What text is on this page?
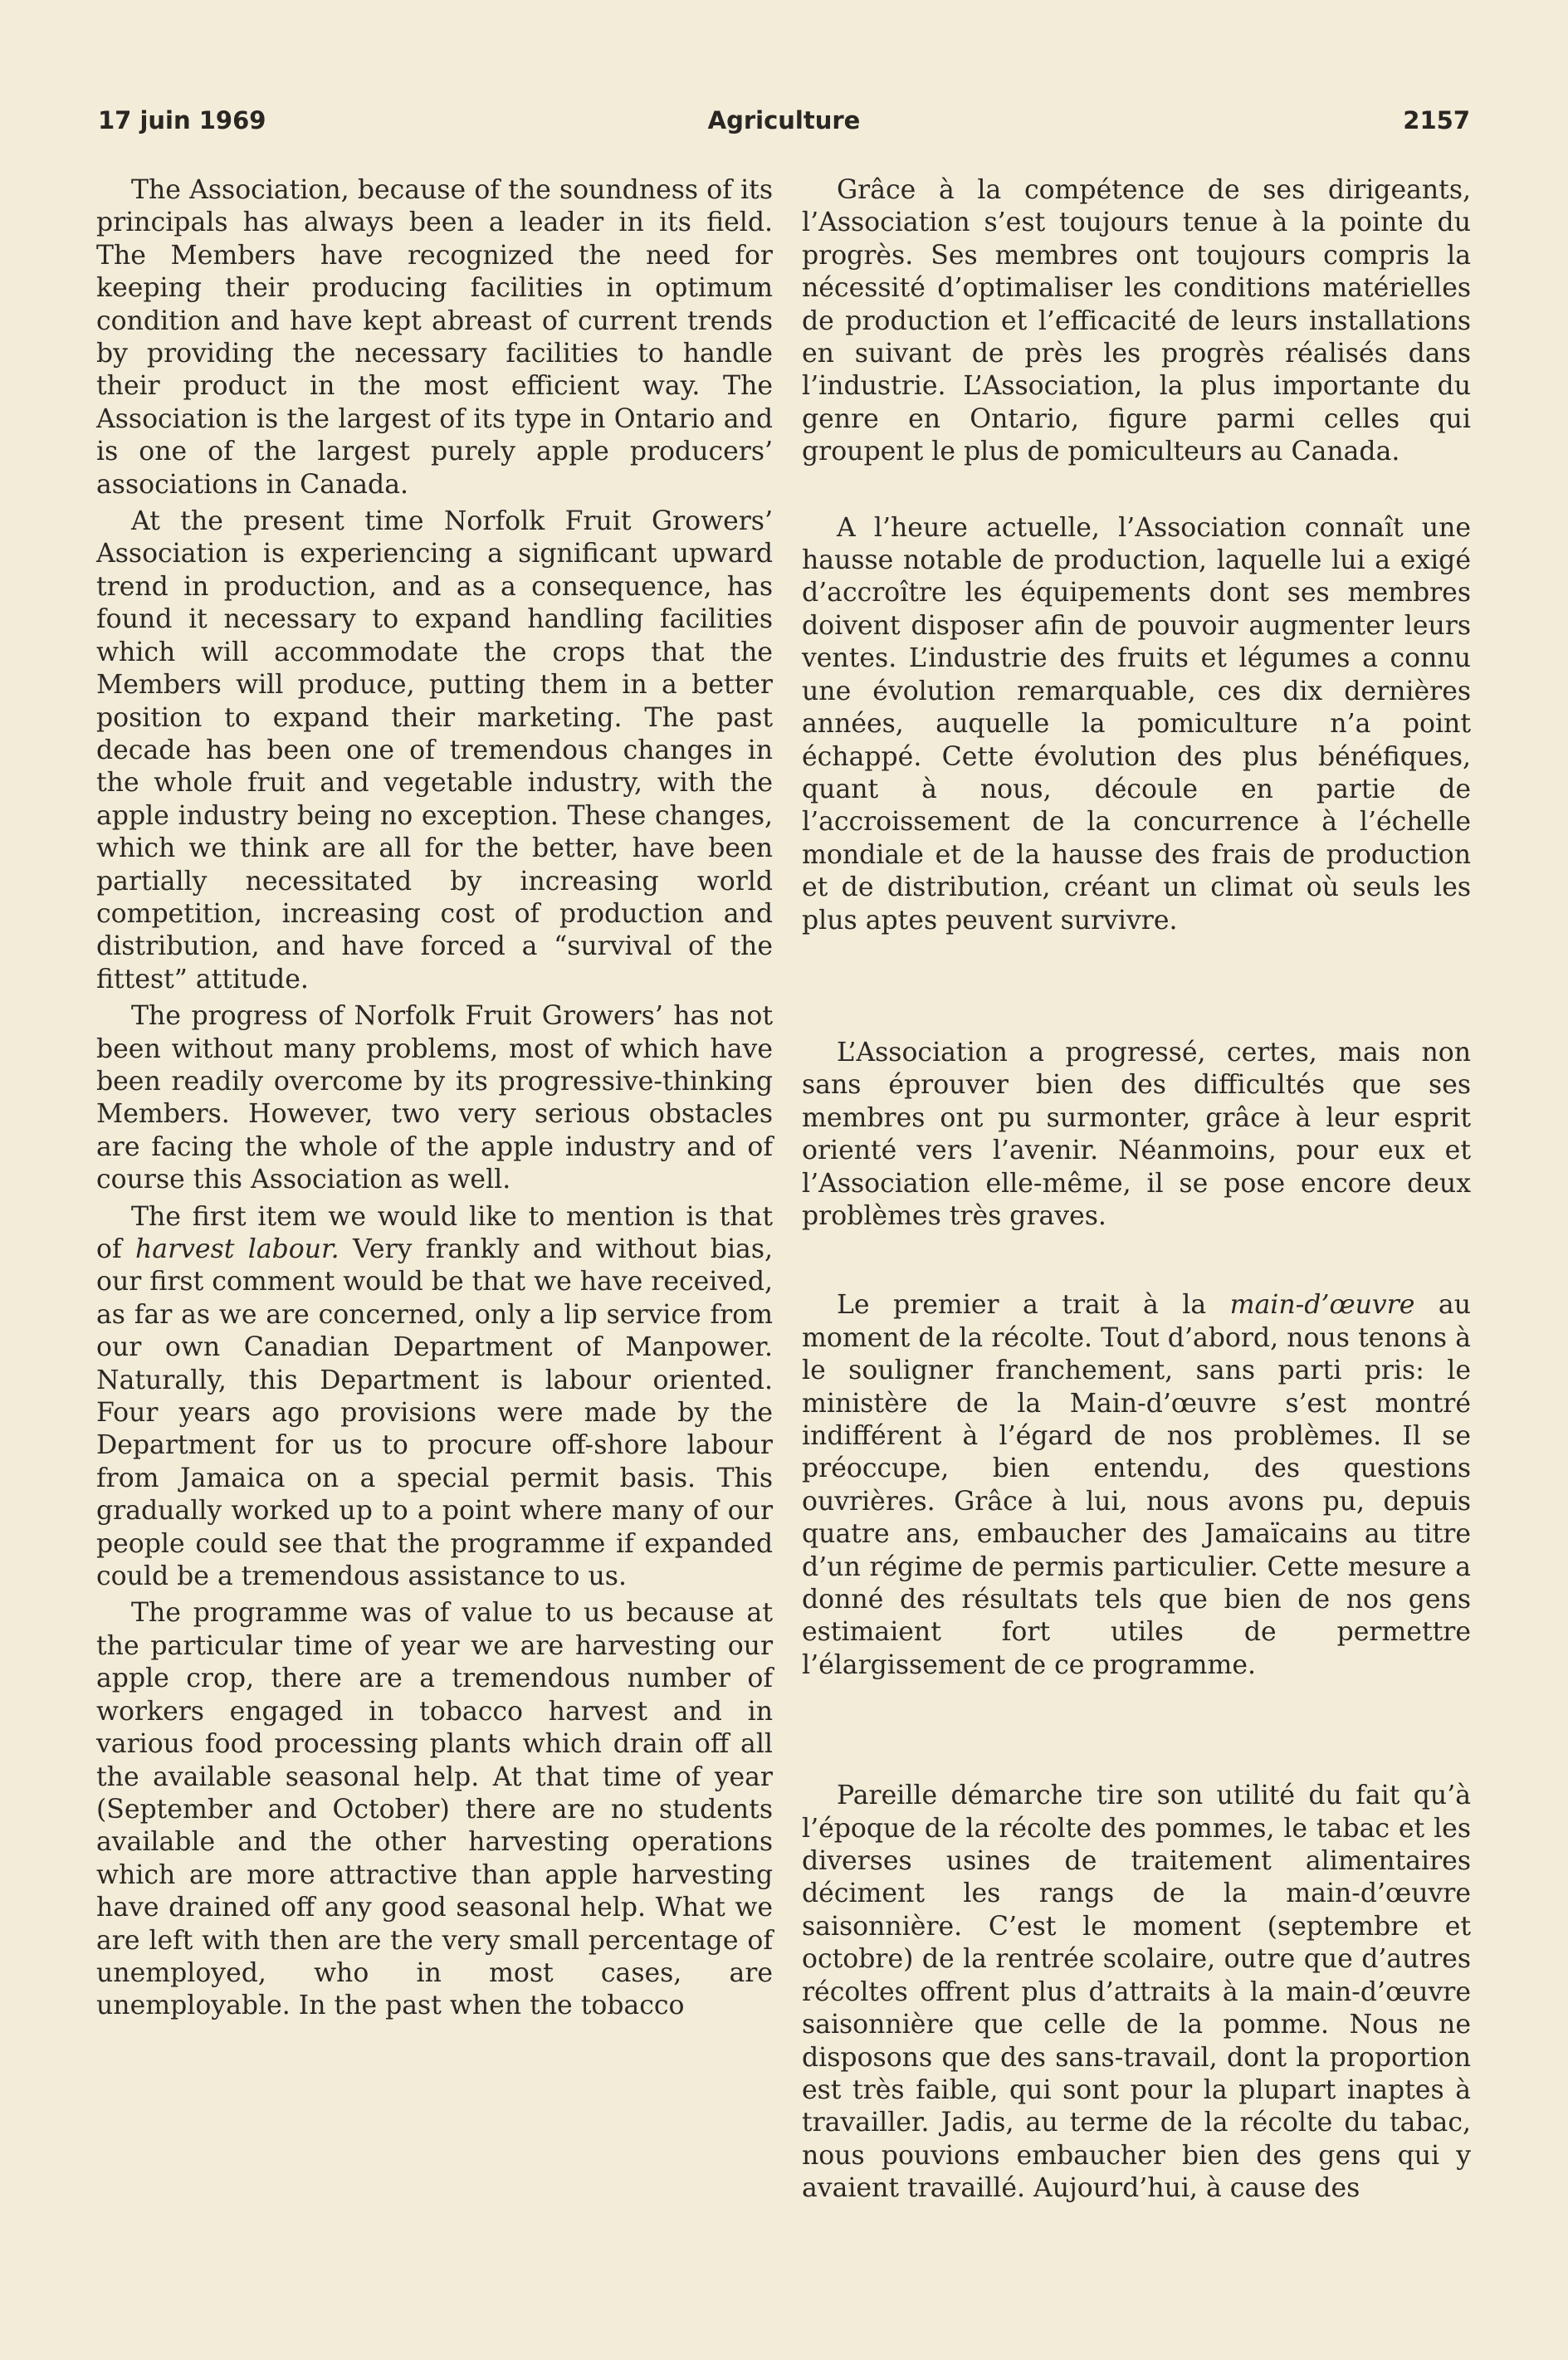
17 juin 1969	Agriculture	2157

The Association, because of the soundness of its principals has always been a leader in its field. The Members have recognized the need for keeping their producing facilities in optimum condition and have kept abreast of current trends by providing the necessary facilities to handle their product in the most efficient way. The Association is the largest of its type in Ontario and is one of the largest purely apple producers’ associations in Canada.

At the present time Norfolk Fruit Growers’ Association is experiencing a significant upward trend in production, and as a consequence, has found it necessary to expand handling facilities which will accommodate the crops that the Members will produce, putting them in a better position to expand their marketing. The past decade has been one of tremendous changes in the whole fruit and vegetable industry, with the apple industry being no exception. These changes, which we think are all for the better, have been partially necessitated by increasing world competition, increasing cost of production and distribution, and have forced a “survival of the fittest” attitude.

The progress of Norfolk Fruit Growers’ has not been without many problems, most of which have been readily overcome by its progressive-thinking Members. However, two very serious obstacles are facing the whole of the apple industry and of course this Association as well.

The first item we would like to mention is that of harvest labour. Very frankly and without bias, our first comment would be that we have received, as far as we are concerned, only a lip service from our own Canadian Department of Manpower. Naturally, this Department is labour oriented. Four years ago provisions were made by the Department for us to procure off-shore labour from Jamaica on a special permit basis. This gradually worked up to a point where many of our people could see that the programme if expanded could be a tremendous assistance to us.

The programme was of value to us because at the particular time of year we are harvesting our apple crop, there are a tremendous number of workers engaged in tobacco harvest and in various food processing plants which drain off all the available seasonal help. At that time of year (September and October) there are no students available and the other harvesting operations which are more attractive than apple harvesting have drained off any good seasonal help. What we are left with then are the very small percentage of unemployed, who in most cases, are unemployable. In the past when the tobacco

Grâce à la compétence de ses dirigeants, l’Association s’est toujours tenue à la pointe du progrès. Ses membres ont toujours compris la nécessité d’optimaliser les conditions matérielles de production et l’efficacité de leurs installations en suivant de près les progrès réalisés dans l’industrie. L’Association, la plus importante du genre en Ontario, figure parmi celles qui groupent le plus de pomiculteurs au Canada.

A l’heure actuelle, l’Association connaît une hausse notable de production, laquelle lui a exigé d’accroître les équipements dont ses membres doivent disposer afin de pouvoir augmenter leurs ventes. L’industrie des fruits et légumes a connu une évolution remarquable, ces dix dernières années, auquelle la pomiculture n’a point échappé. Cette évolution des plus bénéfiques, quant à nous, découle en partie de l’accroissement de la concurrence à l’échelle mondiale et de la hausse des frais de production et de distribution, créant un climat où seuls les plus aptes peuvent survivre.

L’Association a progressé, certes, mais non sans éprouver bien des difficultés que ses membres ont pu surmonter, grâce à leur esprit orienté vers l’avenir. Néanmoins, pour eux et l’Association elle-même, il se pose encore deux problèmes très graves.

Le premier a trait à la main-d’œuvre au moment de la récolte. Tout d’abord, nous tenons à le souligner franchement, sans parti pris: le ministère de la Main-d’œuvre s’est montré indifférent à l’égard de nos problèmes. Il se préoccupe, bien entendu, des questions ouvrières. Grâce à lui, nous avons pu, depuis quatre ans, embaucher des Jamaïcains au titre d’un régime de permis particulier. Cette mesure a donné des résultats tels que bien de nos gens estimaient fort utiles de permettre l’élargissement de ce programme.

Pareille démarche tire son utilité du fait qu’à l’époque de la récolte des pommes, le tabac et les diverses usines de traitement alimentaires déciment les rangs de la main-d’œuvre saisonnière. C’est le moment (septembre et octobre) de la rentrée scolaire, outre que d’autres récoltes offrent plus d’attraits à la main-d’œuvre saisonnière que celle de la pomme. Nous ne disposons que des sans-travail, dont la proportion est très faible, qui sont pour la plupart inaptes à travailler. Jadis, au terme de la récolte du tabac, nous pouvions embaucher bien des gens qui y avaient travaillé. Aujourd’hui, à cause des
